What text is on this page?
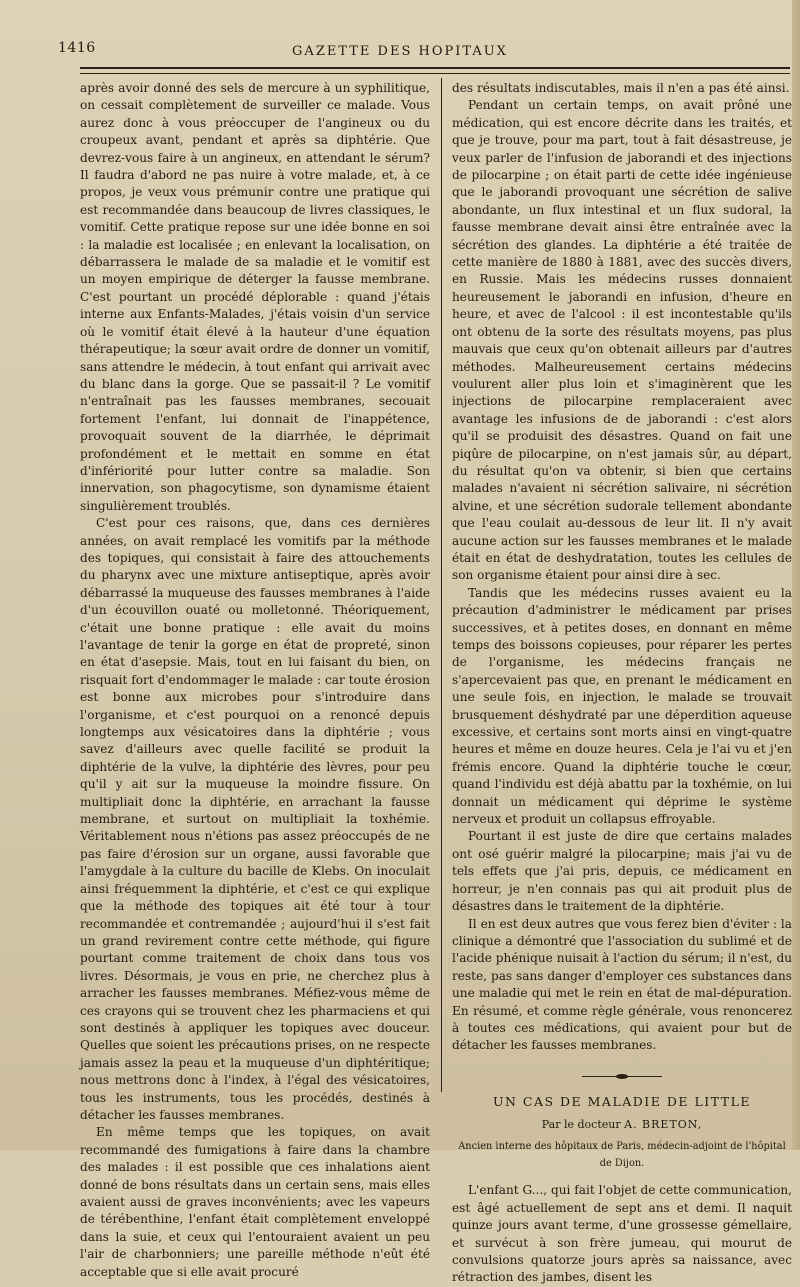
1416	GAZETTE DES HOPITAUX

après avoir donné des sels de mercure à un syphilitique, on cessait complètement de surveiller ce malade. Vous aurez donc à vous préoccuper de l'angineux ou du croupeux avant, pendant et après sa diphtérie. Que devrez-vous faire à un angineux, en attendant le sérum? Il faudra d'abord ne pas nuire à votre malade, et, à ce propos, je veux vous prémunir contre une pratique qui est recommandée dans beaucoup de livres classiques, le vomitif. Cette pratique repose sur une idée bonne en soi : la maladie est localisée ; en enlevant la localisation, on débarrassera le malade de sa maladie et le vomitif est un moyen empirique de déterger la fausse membrane. C'est pourtant un procédé déplorable : quand j'étais interne aux Enfants-Malades, j'étais voisin d'un service où le vomitif était élevé à la hauteur d'une équation thérapeutique; la sœur avait ordre de donner un vomitif, sans attendre le médecin, à tout enfant qui arrivait avec du blanc dans la gorge. Que se passait-il ? Le vomitif n'entraînait pas les fausses membranes, secouait fortement l'enfant, lui donnait de l'inappétence, provoquait souvent de la diarrhée, le déprimait profondément et le mettait en somme en état d'infériorité pour lutter contre sa maladie. Son innervation, son phagocytisme, son dynamisme étaient singulièrement troublés.

C'est pour ces raisons, que, dans ces dernières années, on avait remplacé les vomitifs par la méthode des topiques, qui consistait à faire des attouchements du pharynx avec une mixture antiseptique, après avoir débarrassé la muqueuse des fausses membranes à l'aide d'un écouvillon ouaté ou molletonné. Théoriquement, c'était une bonne pratique : elle avait du moins l'avantage de tenir la gorge en état de propreté, sinon en état d'asepsie. Mais, tout en lui faisant du bien, on risquait fort d'endommager le malade : car toute érosion est bonne aux microbes pour s'introduire dans l'organisme, et c'est pourquoi on a renoncé depuis longtemps aux vésicatoires dans la diphtérie ; vous savez d'ailleurs avec quelle facilité se produit la diphtérie de la vulve, la diphtérie des lèvres, pour peu qu'il y ait sur la muqueuse la moindre fissure. On multipliait donc la diphtérie, en arrachant la fausse membrane, et surtout on multipliait la toxhémie. Véritablement nous n'étions pas assez préoccupés de ne pas faire d'érosion sur un organe, aussi favorable que l'amygdale à la culture du bacille de Klebs. On inoculait ainsi fréquemment la diphtérie, et c'est ce qui explique que la méthode des topiques ait été tour à tour recommandée et contremandée ; aujourd'hui il s'est fait un grand revirement contre cette méthode, qui figure pourtant comme traitement de choix dans tous vos livres. Désormais, je vous en prie, ne cherchez plus à arracher les fausses membranes. Méfiez-vous même de ces crayons qui se trouvent chez les pharmaciens et qui sont destinés à appliquer les topiques avec douceur. Quelles que soient les précautions prises, on ne respecte jamais assez la peau et la muqueuse d'un diphtéritique; nous mettrons donc à l'index, à l'égal des vésicatoires, tous les instruments, tous les procédés, destinés à détacher les fausses membranes.

En même temps que les topiques, on avait recommandé des fumigations à faire dans la chambre des malades : il est possible que ces inhalations aient donné de bons résultats dans un certain sens, mais elles avaient aussi de graves inconvénients; avec les vapeurs de térébenthine, l'enfant était complètement enveloppé dans la suie, et ceux qui l'entouraient avaient un peu l'air de charbonniers; une pareille méthode n'eût été acceptable que si elle avait procuré

des résultats indiscutables, mais il n'en a pas été ainsi.

Pendant un certain temps, on avait prôné une médication, qui est encore décrite dans les traités, et que je trouve, pour ma part, tout à fait désastreuse, je veux parler de l'infusion de jaborandi et des injections de pilocarpine ; on était parti de cette idée ingénieuse que le jaborandi provoquant une sécrétion de salive abondante, un flux intestinal et un flux sudoral, la fausse membrane devait ainsi être entraînée avec la sécrétion des glandes. La diphtérie a été traitée de cette manière de 1880 à 1881, avec des succès divers, en Russie. Mais les médecins russes donnaient heureusement le jaborandi en infusion, d'heure en heure, et avec de l'alcool : il est incontestable qu'ils ont obtenu de la sorte des résultats moyens, pas plus mauvais que ceux qu'on obtenait ailleurs par d'autres méthodes. Malheureusement certains médecins voulurent aller plus loin et s'imaginèrent que les injections de pilocarpine remplaceraient avec avantage les infusions de de jaborandi : c'est alors qu'il se produisit des désastres. Quand on fait une piqûre de pilocarpine, on n'est jamais sûr, au départ, du résultat qu'on va obtenir, si bien que certains malades n'avaient ni sécrétion salivaire, ni sécrétion alvine, et une sécrétion sudorale tellement abondante que l'eau coulait au-dessous de leur lit. Il n'y avait aucune action sur les fausses membranes et le malade était en état de deshydratation, toutes les cellules de son organisme étaient pour ainsi dire à sec.

Tandis que les médecins russes avaient eu la précaution d'administrer le médicament par prises successives, et à petites doses, en donnant en même temps des boissons copieuses, pour réparer les pertes de l'organisme, les médecins français ne s'apercevaient pas que, en prenant le médicament en une seule fois, en injection, le malade se trouvait brusquement déshydraté par une déperdition aqueuse excessive, et certains sont morts ainsi en vingt-quatre heures et même en douze heures. Cela je l'ai vu et j'en frémis encore. Quand la diphtérie touche le cœur, quand l'individu est déjà abattu par la toxhémie, on lui donnait un médicament qui déprime le système nerveux et produit un collapsus effroyable.

Pourtant il est juste de dire que certains malades ont osé guérir malgré la pilocarpine; mais j'ai vu de tels effets que j'ai pris, depuis, ce médicament en horreur, je n'en connais pas qui ait produit plus de désastres dans le traitement de la diphtérie.

Il en est deux autres que vous ferez bien d'éviter : la clinique a démontré que l'association du sublimé et de l'acide phénique nuisait à l'action du sérum; il n'est, du reste, pas sans danger d'employer ces substances dans une maladie qui met le rein en état de mal-dépuration. En résumé, et comme règle générale, vous renoncerez à toutes ces médications, qui avaient pour but de détacher les fausses membranes.

UN CAS DE MALADIE DE LITTLE
Par le docteur A. BRETON,
Ancien interne des hôpitaux de Paris, médecin-adjoint de l'hôpital de Dijon.

L'enfant G..., qui fait l'objet de cette communication, est âgé actuellement de sept ans et demi. Il naquit quinze jours avant terme, d'une grossesse gémellaire, et survécut à son frère jumeau, qui mourut de convulsions quatorze jours après sa naissance, avec rétraction des jambes, disent les
